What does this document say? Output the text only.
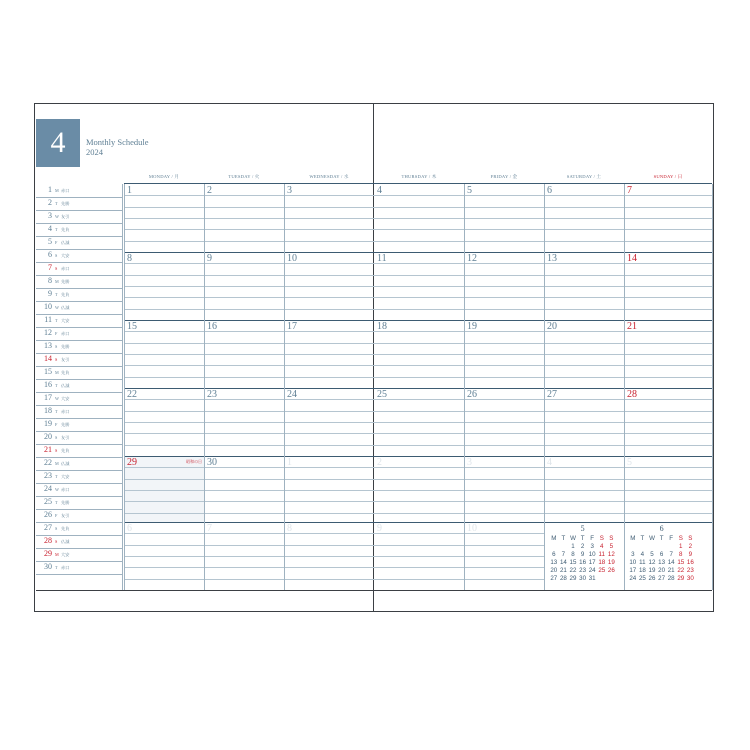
4	Monthly Schedule
2024
MONDAY / 月	TUESDAY / 火	WEDNESDAY / 水	THURSDAY / 木	FRIDAY / 金	SATURDAY / 土	SUNDAY / 日
1	2	3	4	5	6	7
8	9	10	11	12	13	14
15	16	17	18	19	20	21
22	23	24	25	26	27	28
29	30	1	2	3	4	5
6	7	8	9	10
1 M 赤口
2 T 先勝
3 W 友引
4 T 先負
5 F 仏滅
6 S 大安
7 S 赤口
8 M 先勝
9 T 先負
10 W 仏滅
11 T 大安
12 F 赤口
13 S 先勝
14 S 友引
15 M 先負
16 T 仏滅
17 W 大安
18 T 赤口
19 F 先勝
20 S 友引
21 S 先負
22 M 仏滅
23 T 大安
24 W 赤口
25 T 先勝
26 F 友引
27 S 先負
28 S 仏滅
29 M 大安
30 T 赤口
昭和の日
5
M	T	W	T	F	S	S
		1	2	3	4	5
6	7	8	9	10	11	12
13	14	15	16	17	18	19
20	21	22	23	24	25	26
27	28	29	30	31		
6
M	T	W	T	F	S	S
					1	2
3	4	5	6	7	8	9
10	11	12	13	14	15	16
17	18	19	20	21	22	23
24	25	26	27	28	29	30
